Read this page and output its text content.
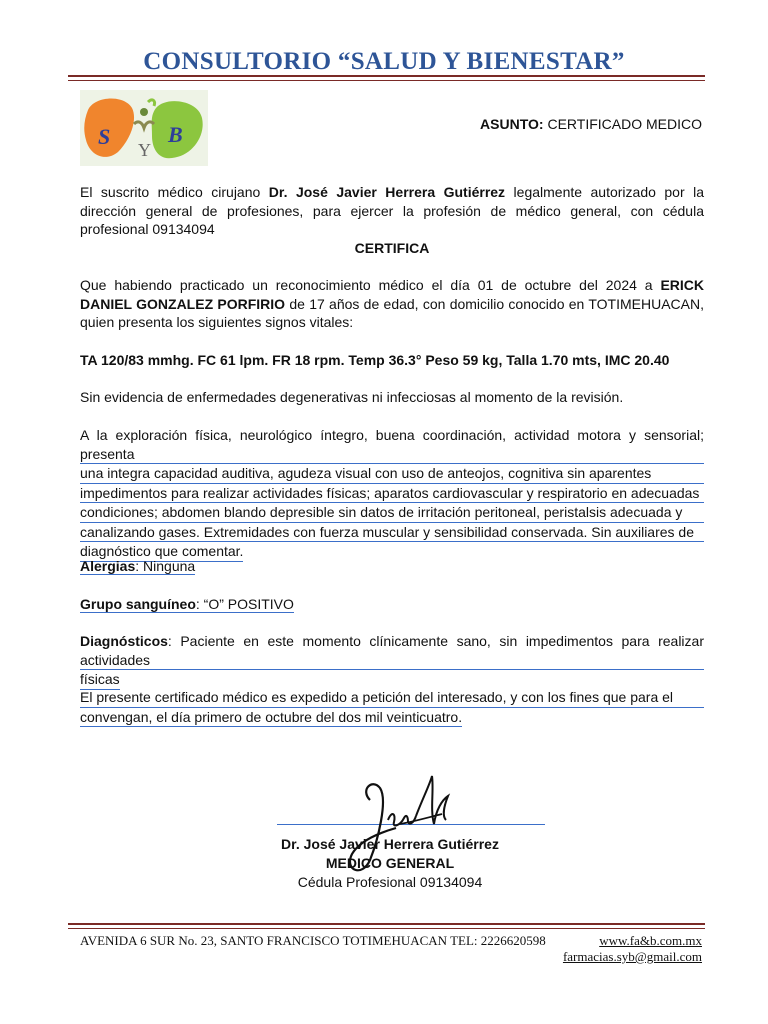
CONSULTORIO “SALUD Y BIENESTAR”
S
Y
B	ASUNTO: CERTIFICADO MEDICO
El suscrito médico cirujano Dr. José Javier Herrera Gutiérrez legalmente autorizado por la dirección general de profesiones, para ejercer la profesión de médico general, con cédula profesional 09134094
CERTIFICA
Que habiendo practicado un reconocimiento médico el día 01 de octubre del 2024 a ERICK DANIEL GONZALEZ PORFIRIO de 17 años de edad, con domicilio conocido en TOTIMEHUACAN, quien presenta los siguientes signos vitales:
TA 120/83 mmhg. FC 61 lpm. FR 18 rpm. Temp 36.3° Peso 59 kg, Talla 1.70 mts, IMC 20.40
Sin evidencia de enfermedades degenerativas ni infecciosas al momento de la revisión.
A la exploración física, neurológico íntegro, buena coordinación, actividad motora y sensorial; presenta
una integra capacidad auditiva, agudeza visual con uso de anteojos, cognitiva sin aparentes
impedimentos para realizar actividades físicas; aparatos cardiovascular y respiratorio en adecuadas
condiciones; abdomen blando depresible sin datos de irritación peritoneal, peristalsis adecuada y
canalizando gases. Extremidades con fuerza muscular y sensibilidad conservada. Sin auxiliares de
diagnóstico que comentar.
Alergias: Ninguna
Grupo sanguíneo: “O” POSITIVO
Diagnósticos: Paciente en este momento clínicamente sano, sin impedimentos para realizar actividades
físicas
El presente certificado médico es expedido a petición del interesado, y con los fines que para el
convengan, el día primero de octubre del dos mil veinticuatro.
Dr. José Javier Herrera Gutiérrez
MEDICO GENERAL
Cédula Profesional 09134094
AVENIDA 6 SUR No. 23, SANTO FRANCISCO TOTIMEHUACAN TEL: 2226620598	www.fa&b.com.mx
farmacias.syb@gmail.com
